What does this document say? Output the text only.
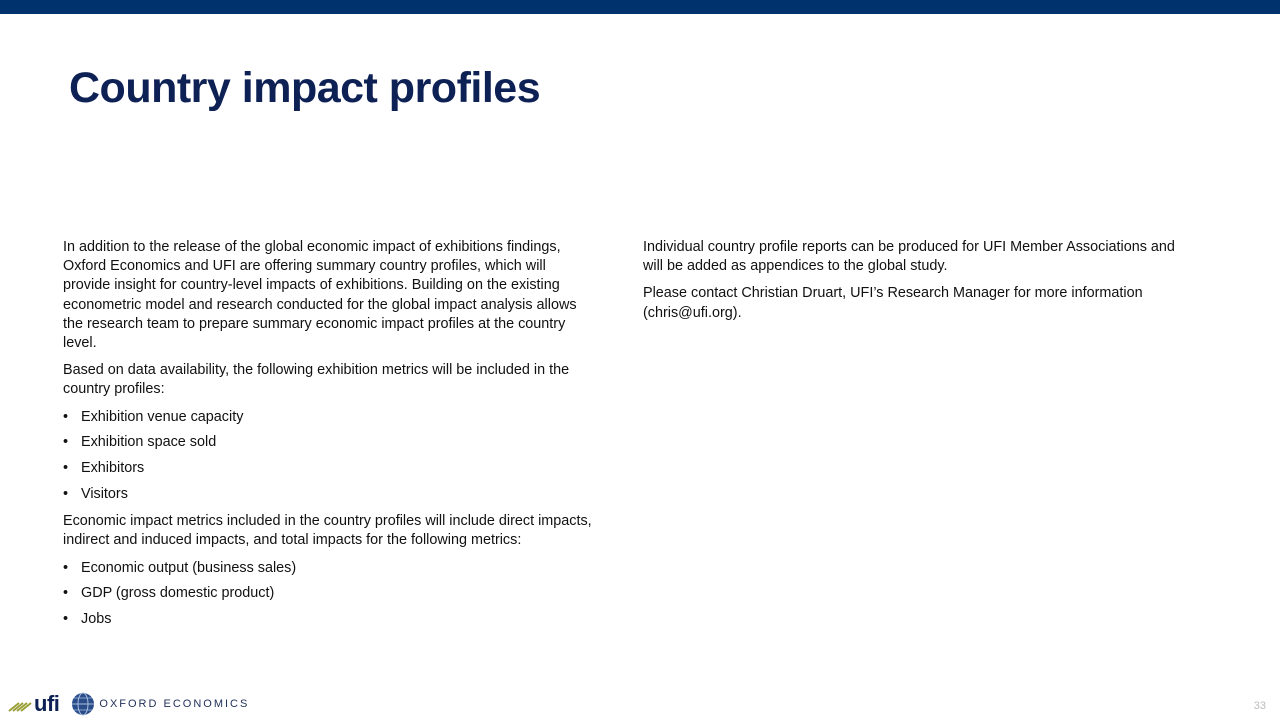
Country impact profiles

In addition to the release of the global economic impact of exhibitions findings, Oxford Economics and UFI are offering summary country profiles, which will provide insight for country-level impacts of exhibitions. Building on the existing econometric model and research conducted for the global impact analysis allows the research team to prepare summary economic impact profiles at the country level.

Based on data availability, the following exhibition metrics will be included in the country profiles:

• Exhibition venue capacity
• Exhibition space sold
• Exhibitors
• Visitors

Economic impact metrics included in the country profiles will include direct impacts, indirect and induced impacts, and total impacts for the following metrics:

• Economic output (business sales)
• GDP (gross domestic product)
• Jobs

Individual country profile reports can be produced for UFI Member Associations and will be added as appendices to the global study.

Please contact Christian Druart, UFI’s Research Manager for more information (chris@ufi.org).

ufi	OXFORD ECONOMICS	33
